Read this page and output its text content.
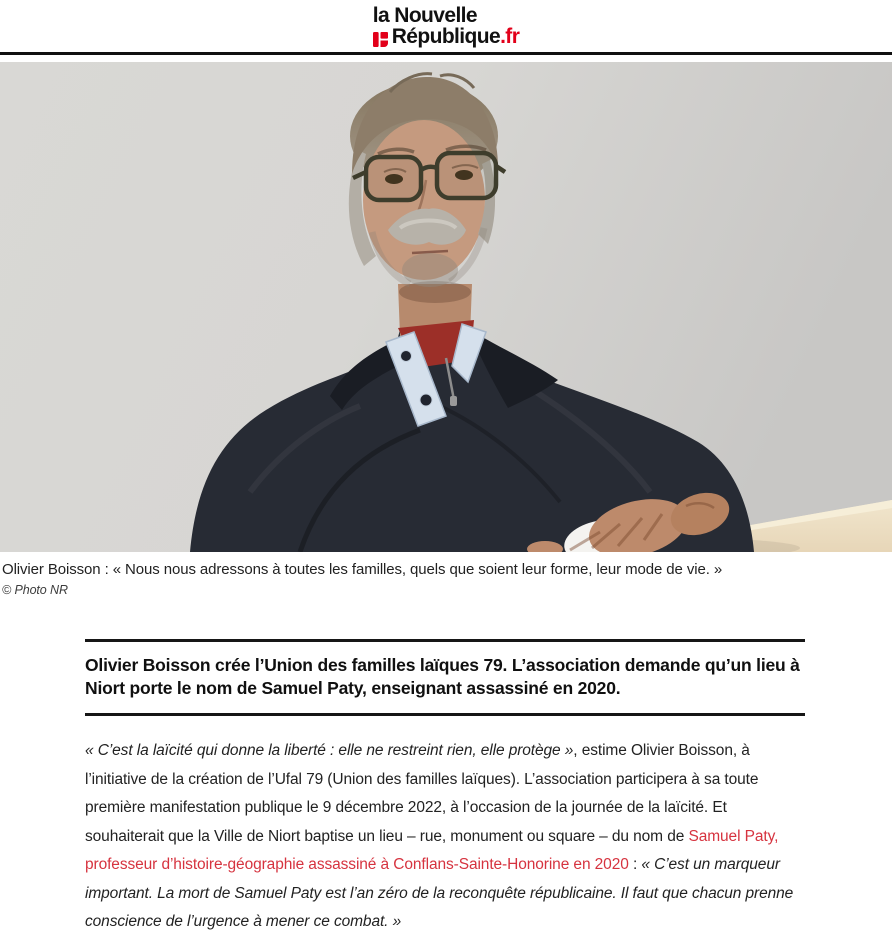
la Nouvelle
République.fr
Olivier Boisson : « Nous nous adressons à toutes les familles, quels que soient leur forme, leur mode de vie. »
© Photo NR
Olivier Boisson crée l’Union des familles laïques 79. L’association demande qu’un lieu à Niort porte le nom de Samuel Paty, enseignant assassiné en 2020.

« C’est la laïcité qui donne la liberté : elle ne restreint rien, elle protège », estime Olivier Boisson, à l’initiative de la création de l’Ufal 79 (Union des familles laïques). L’association participera à sa toute première manifestation publique le 9 décembre 2022, à l’occasion de la journée de la laïcité. Et souhaiterait que la Ville de Niort baptise un lieu – rue, monument ou square – du nom de Samuel Paty, professeur d’histoire-géographie assassiné à Conflans-Sainte-Honorine en 2020 : « C’est un marqueur important. La mort de Samuel Paty est l’an zéro de la reconquête républicaine. Il faut que chacun prenne conscience de l’urgence à mener ce combat. »
